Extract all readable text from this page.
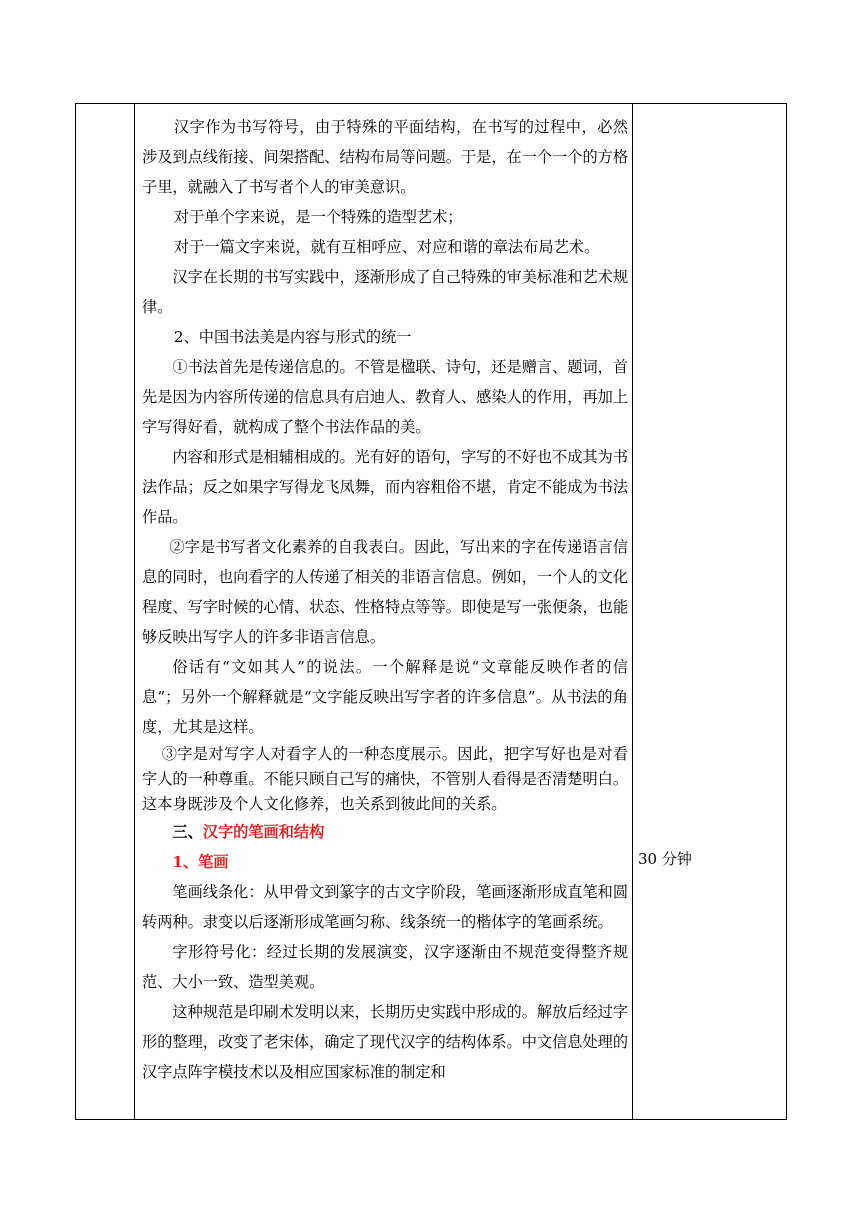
汉字作为书写符号，由于特殊的平面结构，在书写的过程中，必然涉及到点线衔接、间架搭配、结构布局等问题。于是，在一个一个的方格子里，就融入了书写者个人的审美意识。

对于单个字来说，是一个特殊的造型艺术；

对于一篇文字来说，就有互相呼应、对应和谐的章法布局艺术。

汉字在长期的书写实践中，逐渐形成了自己特殊的审美标准和艺术规律。

2、中国书法美是内容与形式的统一

①书法首先是传递信息的。不管是楹联、诗句，还是赠言、题词，首先是因为内容所传递的信息具有启迪人、教育人、感染人的作用，再加上字写得好看，就构成了整个书法作品的美。

内容和形式是相辅相成的。光有好的语句，字写的不好也不成其为书法作品；反之如果字写得龙飞凤舞，而内容粗俗不堪，肯定不能成为书法作品。

②字是书写者文化素养的自我表白。因此，写出来的字在传递语言信息的同时，也向看字的人传递了相关的非语言信息。例如，一个人的文化程度、写字时候的心情、状态、性格特点等等。即使是写一张便条，也能够反映出写字人的许多非语言信息。

俗话有“文如其人”的说法。一个解释是说“文章能反映作者的信息”；另外一个解释就是“文字能反映出写字者的许多信息”。从书法的角度，尤其是这样。

③字是对写字人对看字人的一种态度展示。因此，把字写好也是对看字人的一种尊重。不能只顾自己写的痛快，不管别人看得是否清楚明白。这本身既涉及个人文化修养，也关系到彼此间的关系。

三、汉字的笔画和结构

1、笔画

笔画线条化：从甲骨文到篆字的古文字阶段，笔画逐渐形成直笔和圆转两种。隶变以后逐渐形成笔画匀称、线条统一的楷体字的笔画系统。

字形符号化：经过长期的发展演变，汉字逐渐由不规范变得整齐规范、大小一致、造型美观。

这种规范是印刷术发明以来，长期历史实践中形成的。解放后经过字形的整理，改变了老宋体，确定了现代汉字的结构体系。中文信息处理的汉字点阵字模技术以及相应国家标准的制定和

30 分钟
